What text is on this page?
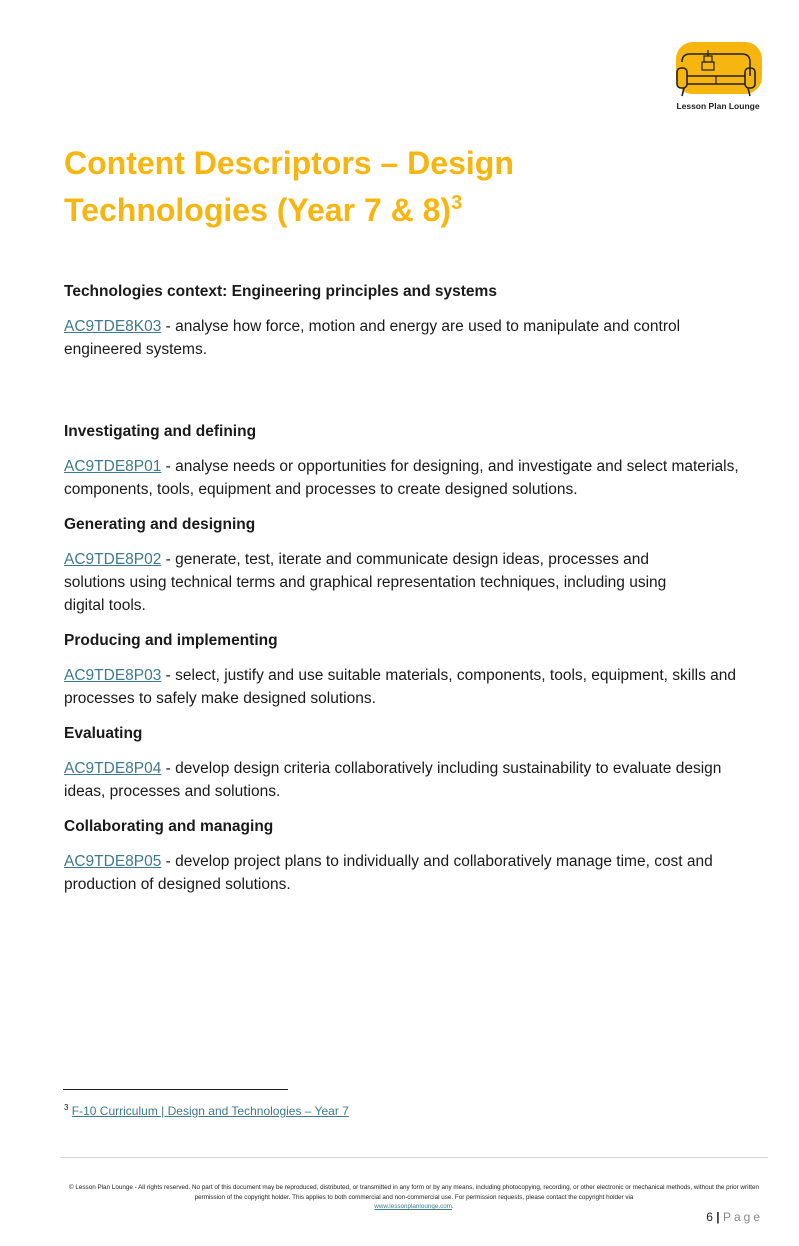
Lesson Plan Lounge
Content Descriptors – Design
Technologies (Year 7 & 8)$^3$

Technologies context: Engineering principles and systems

AC9TDE8K03 - analyse how force, motion and energy are used to manipulate and control engineered systems.

Investigating and defining

AC9TDE8P01 - analyse needs or opportunities for designing, and investigate and select materials, components, tools, equipment and processes to create designed solutions.

Generating and designing

AC9TDE8P02 - generate, test, iterate and communicate design ideas, processes and solutions using technical terms and graphical representation techniques, including using digital tools.

Producing and implementing

AC9TDE8P03 - select, justify and use suitable materials, components, tools, equipment, skills and processes to safely make designed solutions.

Evaluating

AC9TDE8P04 - develop design criteria collaboratively including sustainability to evaluate design ideas, processes and solutions.

Collaborating and managing

AC9TDE8P05 - develop project plans to individually and collaboratively manage time, cost and production of designed solutions.

$^3$ F-10 Curriculum | Design and Technologies – Year 7
© Lesson Plan Lounge - All rights reserved. No part of this document may be reproduced, distributed, or transmitted in any form or by any means, including photocopying, recording, or other electronic or mechanical methods, without the prior written permission of the copyright holder. This applies to both commercial and non-commercial use. For permission requests, please contact the copyright holder via
www.lessonplanlounge.com.
6 | Page
